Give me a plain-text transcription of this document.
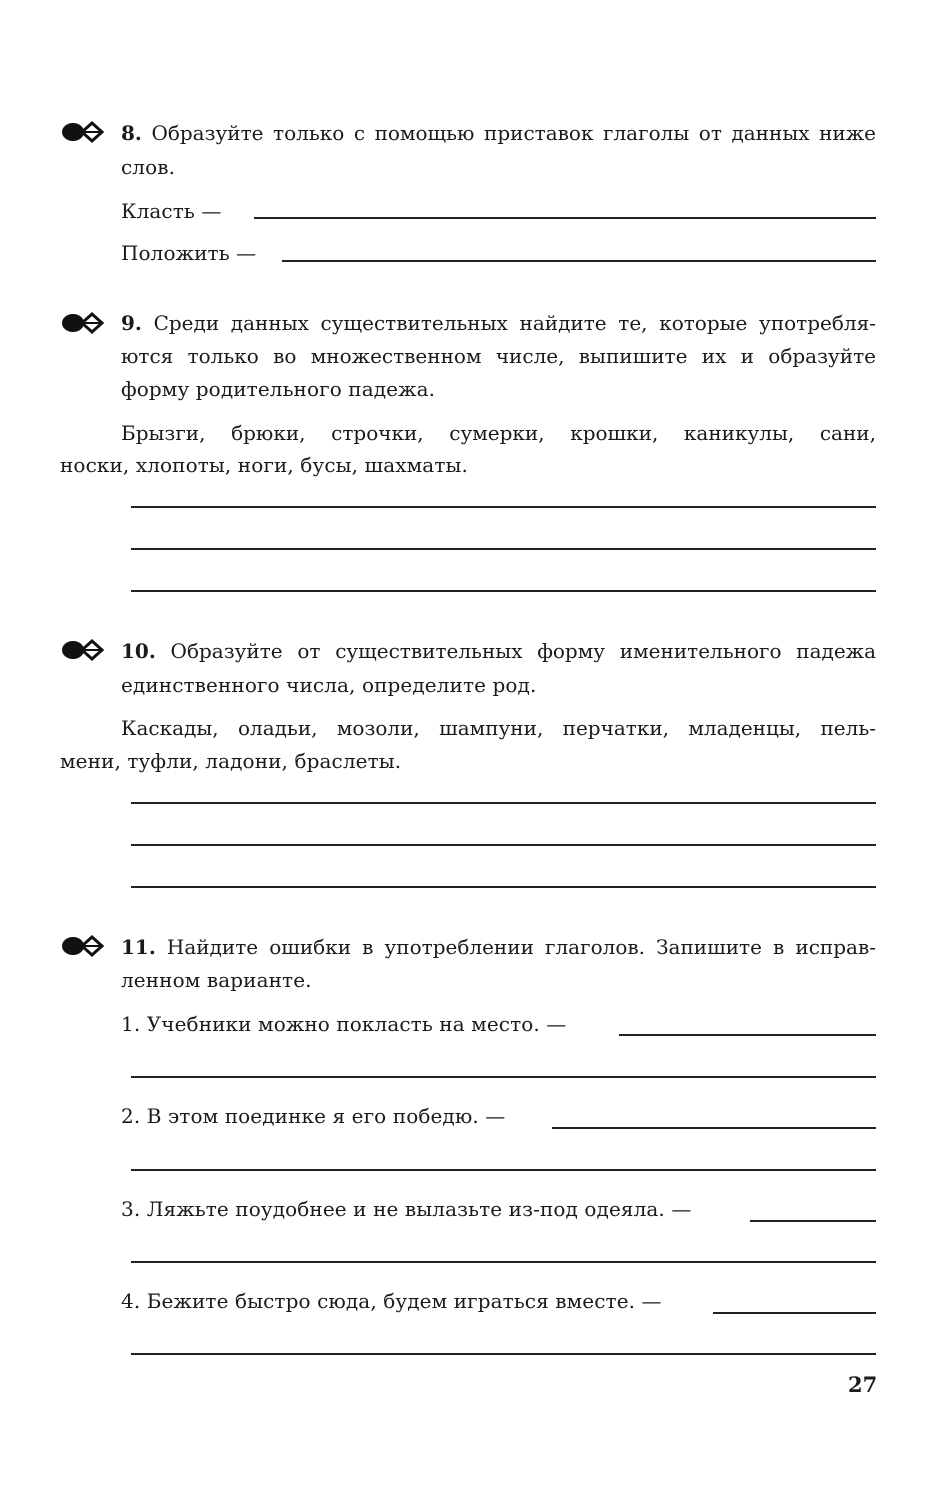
8. Образуйте только с помощью приставок глаголы от данных ниже
слов.
Класть —
Положить —
9. Среди данных существительных найдите те, которые употребля-
ются только во множественном числе, выпишите их и образуйте
форму родительного падежа.
Брызги, брюки, строчки, сумерки, крошки, каникулы, сани,
носки, хлопоты, ноги, бусы, шахматы.
10. Образуйте от существительных форму именительного падежа
единственного числа, определите род.
Каскады, оладьи, мозоли, шампуни, перчатки, младенцы, пель-
мени, туфли, ладони, браслеты.
11. Найдите ошибки в употреблении глаголов. Запишите в исправ-
ленном варианте.
1. Учебники можно покласть на место. —
2. В этом поединке я его победю. —
3. Ляжьте поудобнее и не вылазьте из-под одеяла. —
4. Бежите быстро сюда, будем играться вместе. —
27
